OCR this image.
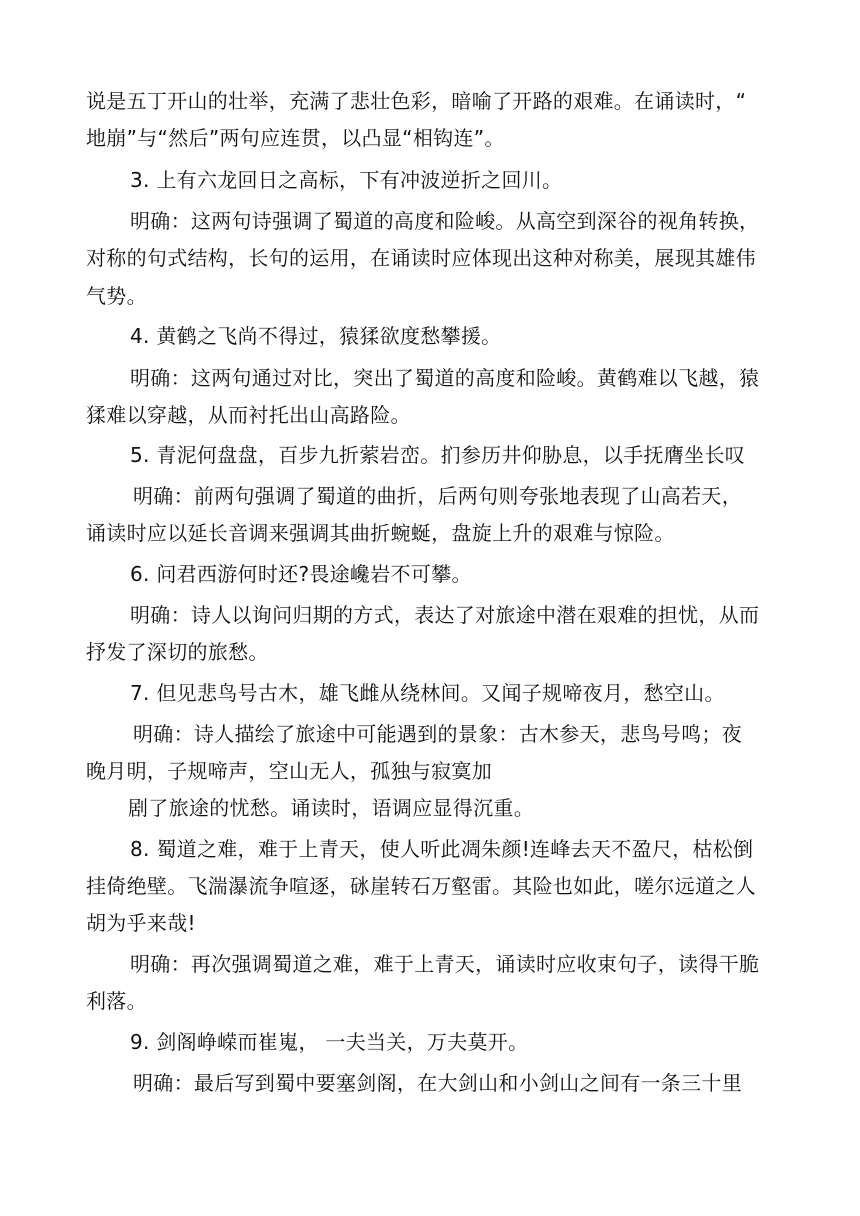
说是五丁开山的壮举，充满了悲壮色彩，暗喻了开路的艰难。在诵读时，“
地崩”与“然后”两句应连贯，以凸显“相钩连”。
3. 上有六龙回日之高标，下有冲波逆折之回川。
明确：这两句诗强调了蜀道的高度和险峻。从高空到深谷的视角转换，
对称的句式结构，长句的运用，在诵读时应体现出这种对称美，展现其雄伟
气势。
4. 黄鹤之飞尚不得过，猿猱欲度愁攀援。
明确：这两句通过对比，突出了蜀道的高度和险峻。黄鹤难以飞越，猿
猱难以穿越，从而衬托出山高路险。
5. 青泥何盘盘，百步九折萦岩峦。扪参历井仰胁息，以手抚膺坐长叹
明确：前两句强调了蜀道的曲折，后两句则夸张地表现了山高若天，
诵读时应以延长音调来强调其曲折蜿蜒，盘旋上升的艰难与惊险。
6. 问君西游何时还?畏途巉岩不可攀。
明确：诗人以询问归期的方式，表达了对旅途中潜在艰难的担忧，从而
抒发了深切的旅愁。
7. 但见悲鸟号古木，雄飞雌从绕林间。又闻子规啼夜月，愁空山。
明确：诗人描绘了旅途中可能遇到的景象：古木参天，悲鸟号鸣；夜
晚月明，子规啼声，空山无人，孤独与寂寞加
剧了旅途的忧愁。诵读时，语调应显得沉重。
8. 蜀道之难，难于上青天，使人听此凋朱颜!连峰去天不盈尺，枯松倒
挂倚绝壁。飞湍瀑流争喧逐，砯崖转石万壑雷。其险也如此，嗟尔远道之人
胡为乎来哉!
明确：再次强调蜀道之难，难于上青天，诵读时应收束句子，读得干脆
利落。
9. 剑阁峥嵘而崔嵬， 一夫当关，万夫莫开。
明确：最后写到蜀中要塞剑阁，在大剑山和小剑山之间有一条三十里
